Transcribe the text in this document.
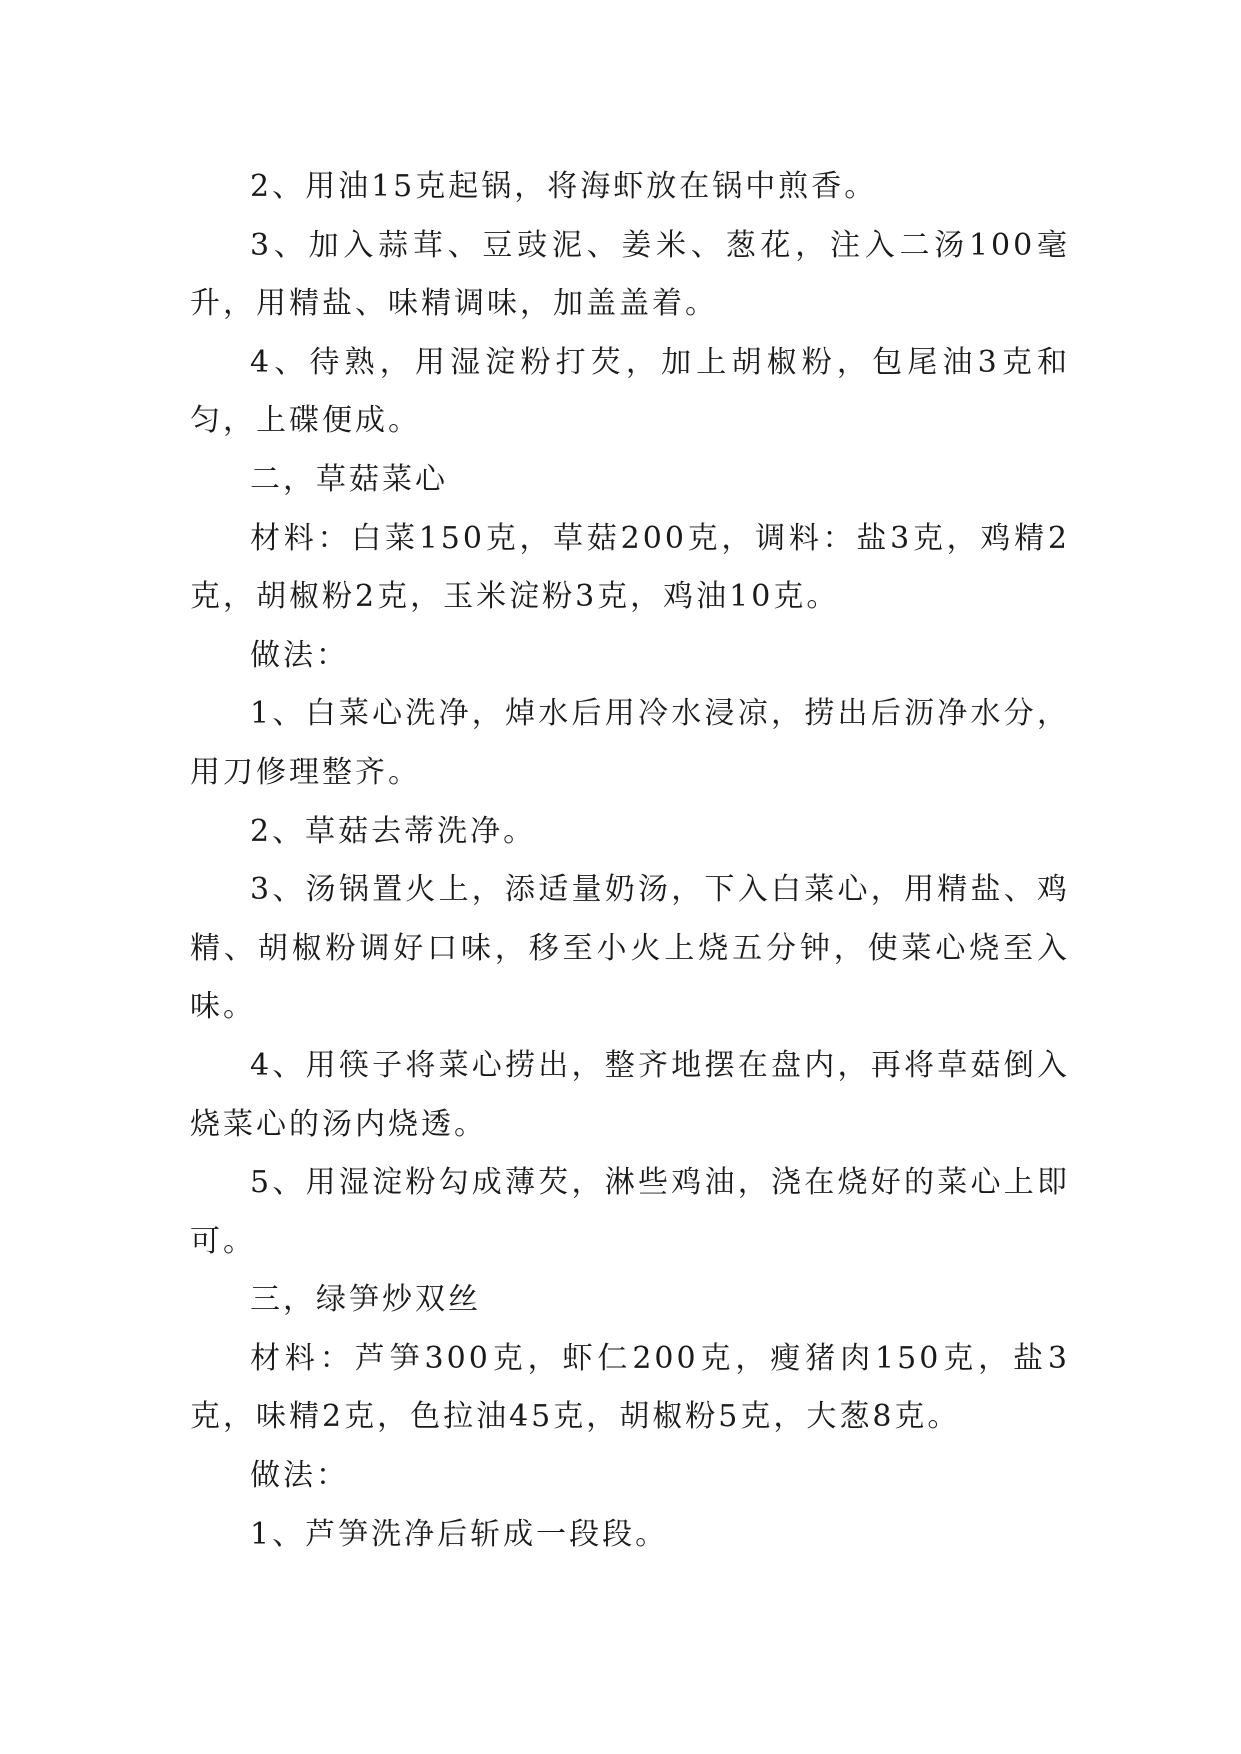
2、用油15克起锅，将海虾放在锅中煎香。

3、加入蒜茸、豆豉泥、姜米、葱花，注入二汤100毫升，用精盐、味精调味，加盖盖着。

4、待熟，用湿淀粉打芡，加上胡椒粉，包尾油3克和匀，上碟便成。

二，草菇菜心

材料：白菜150克，草菇200克，调料：盐3克，鸡精2克，胡椒粉2克，玉米淀粉3克，鸡油10克。

做法：

1、白菜心洗净，焯水后用冷水浸凉，捞出后沥净水分，用刀修理整齐。

2、草菇去蒂洗净。

3、汤锅置火上，添适量奶汤，下入白菜心，用精盐、鸡精、胡椒粉调好口味，移至小火上烧五分钟，使菜心烧至入味。

4、用筷子将菜心捞出，整齐地摆在盘内，再将草菇倒入烧菜心的汤内烧透。

5、用湿淀粉勾成薄芡，淋些鸡油，浇在烧好的菜心上即可。

三，绿笋炒双丝

材料：芦笋300克，虾仁200克，瘦猪肉150克，盐3克，味精2克，色拉油45克，胡椒粉5克，大葱8克。

做法：

1、芦笋洗净后斩成一段段。
